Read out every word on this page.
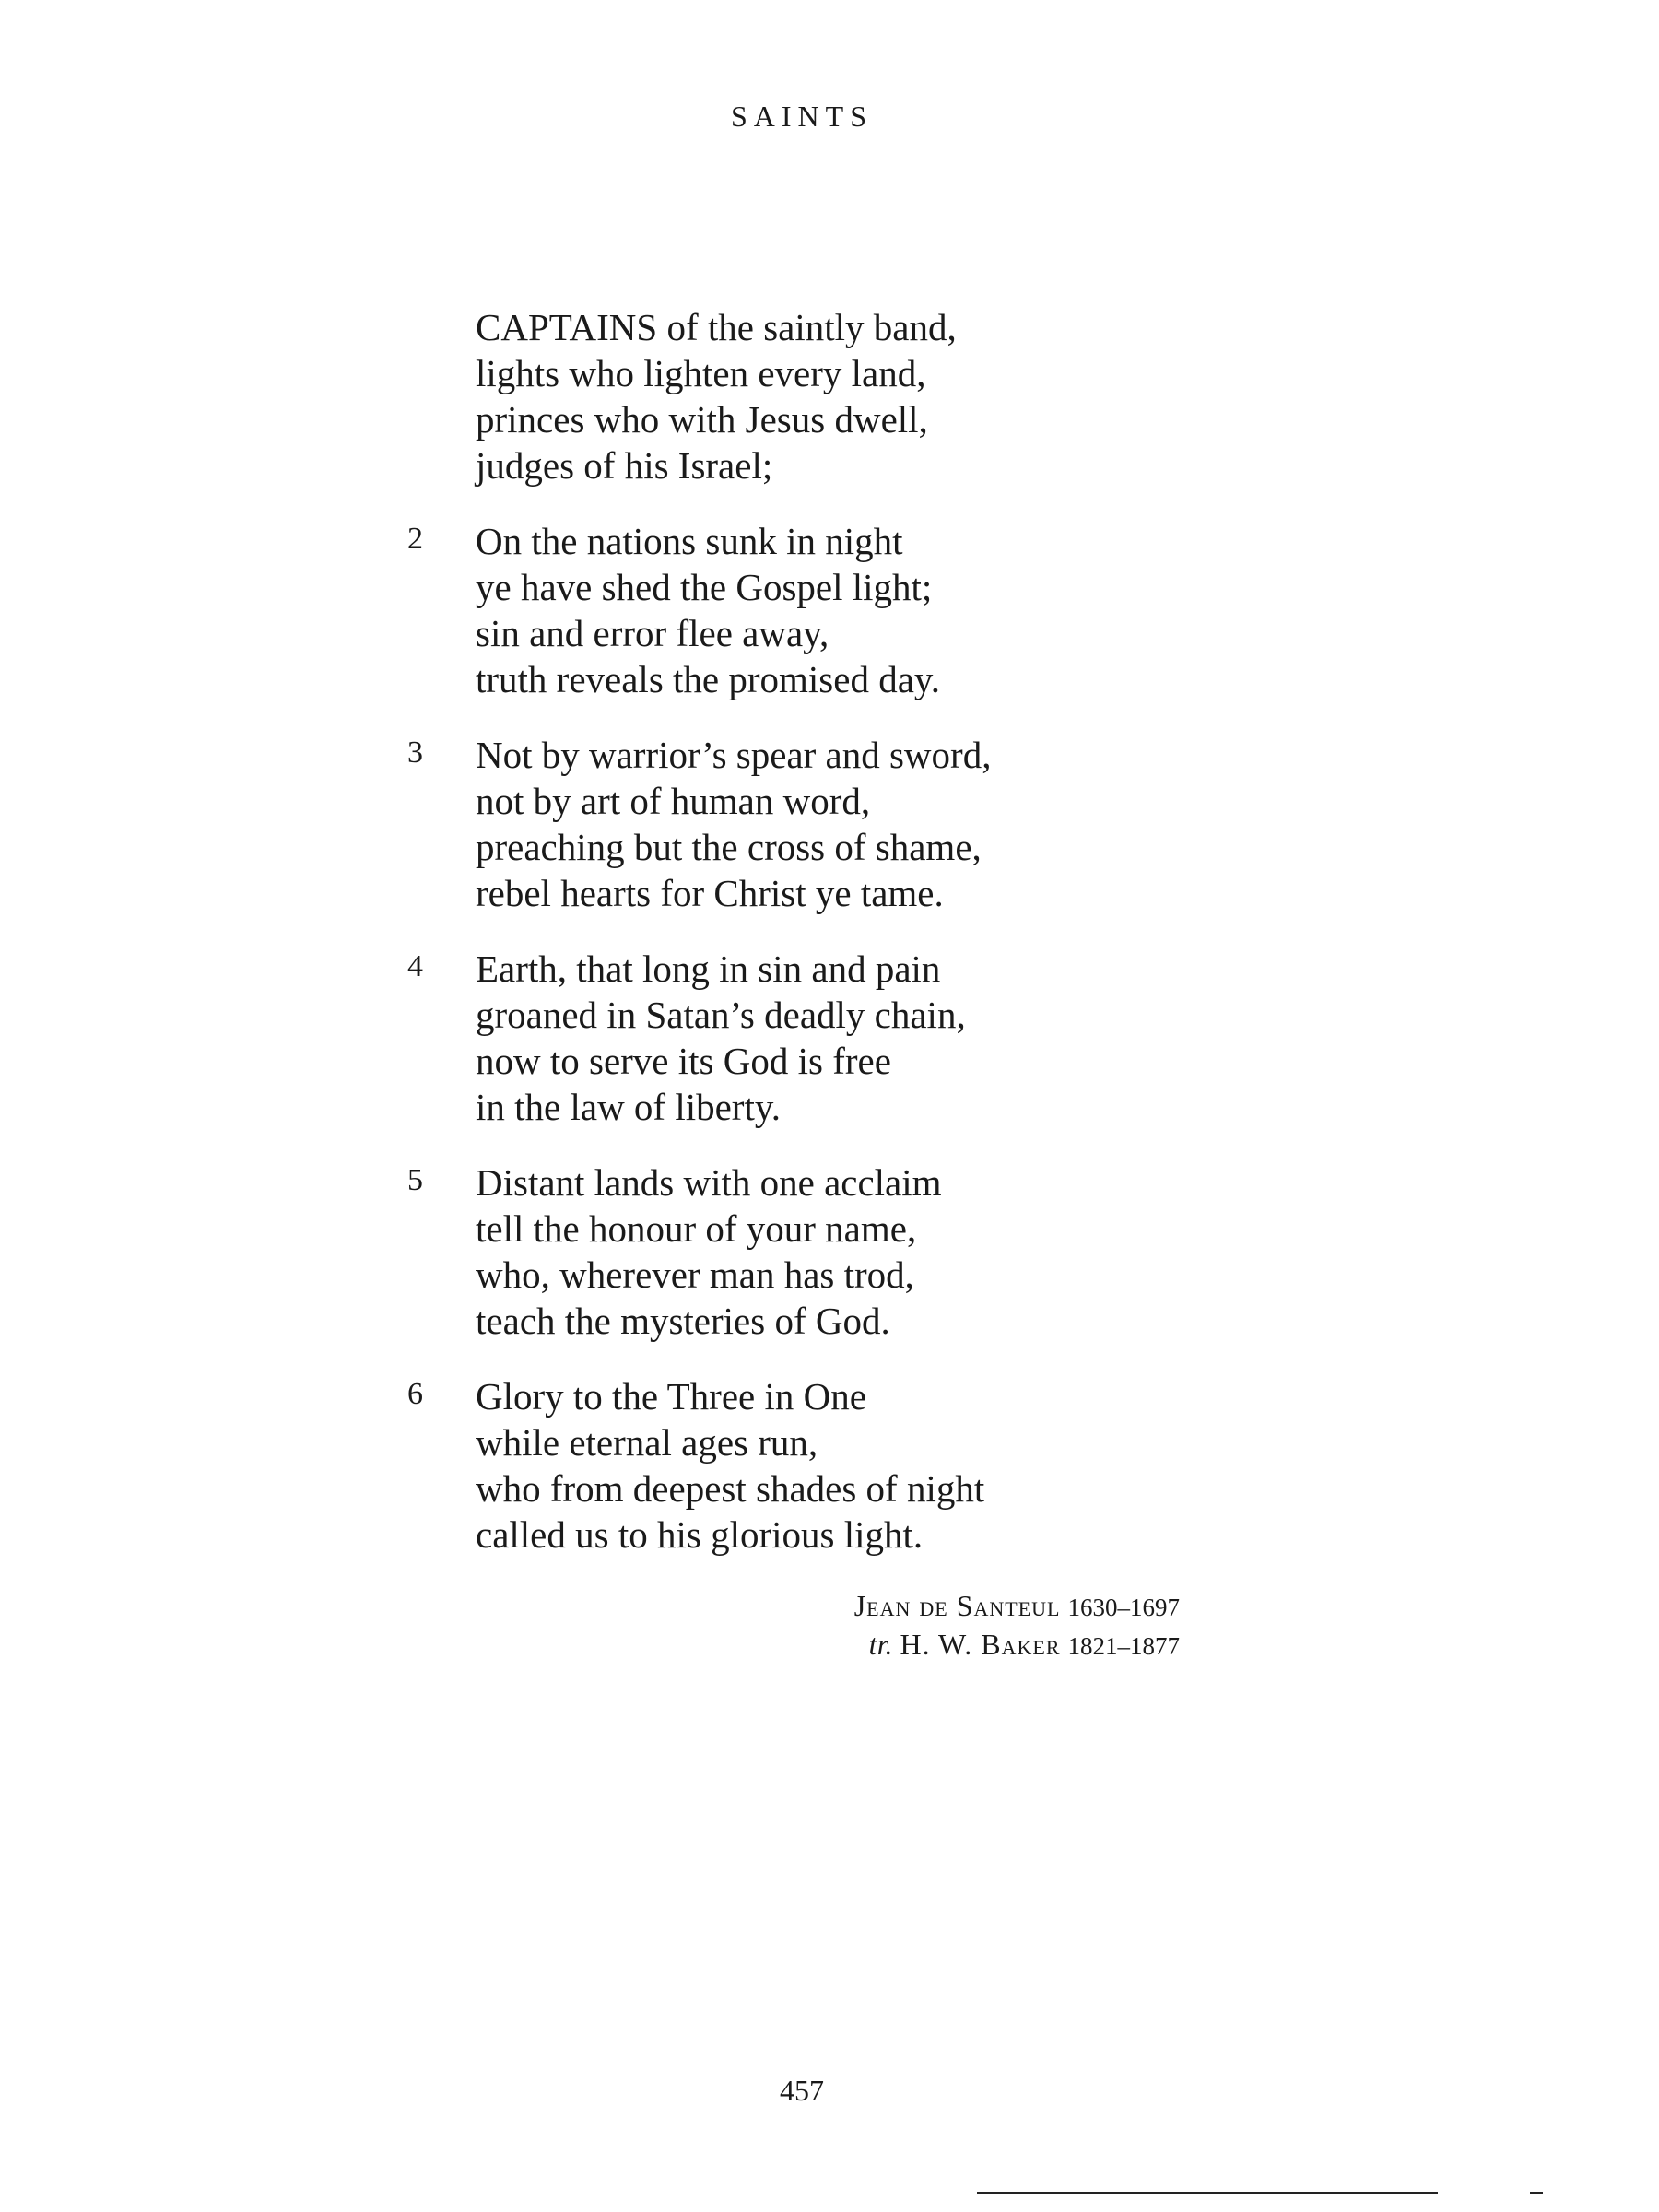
SAINTS
CAPTAINS of the saintly band,
lights who lighten every land,
princes who with Jesus dwell,
judges of his Israel;
2 On the nations sunk in night
ye have shed the Gospel light;
sin and error flee away,
truth reveals the promised day.
3 Not by warrior’s spear and sword,
not by art of human word,
preaching but the cross of shame,
rebel hearts for Christ ye tame.
4 Earth, that long in sin and pain
groaned in Satan’s deadly chain,
now to serve its God is free
in the law of liberty.
5 Distant lands with one acclaim
tell the honour of your name,
who, wherever man has trod,
teach the mysteries of God.
6 Glory to the Three in One
while eternal ages run,
who from deepest shades of night
called us to his glorious light.
Jean de Santeul 1630–1697
tr. H. W. Baker 1821–1877
457
